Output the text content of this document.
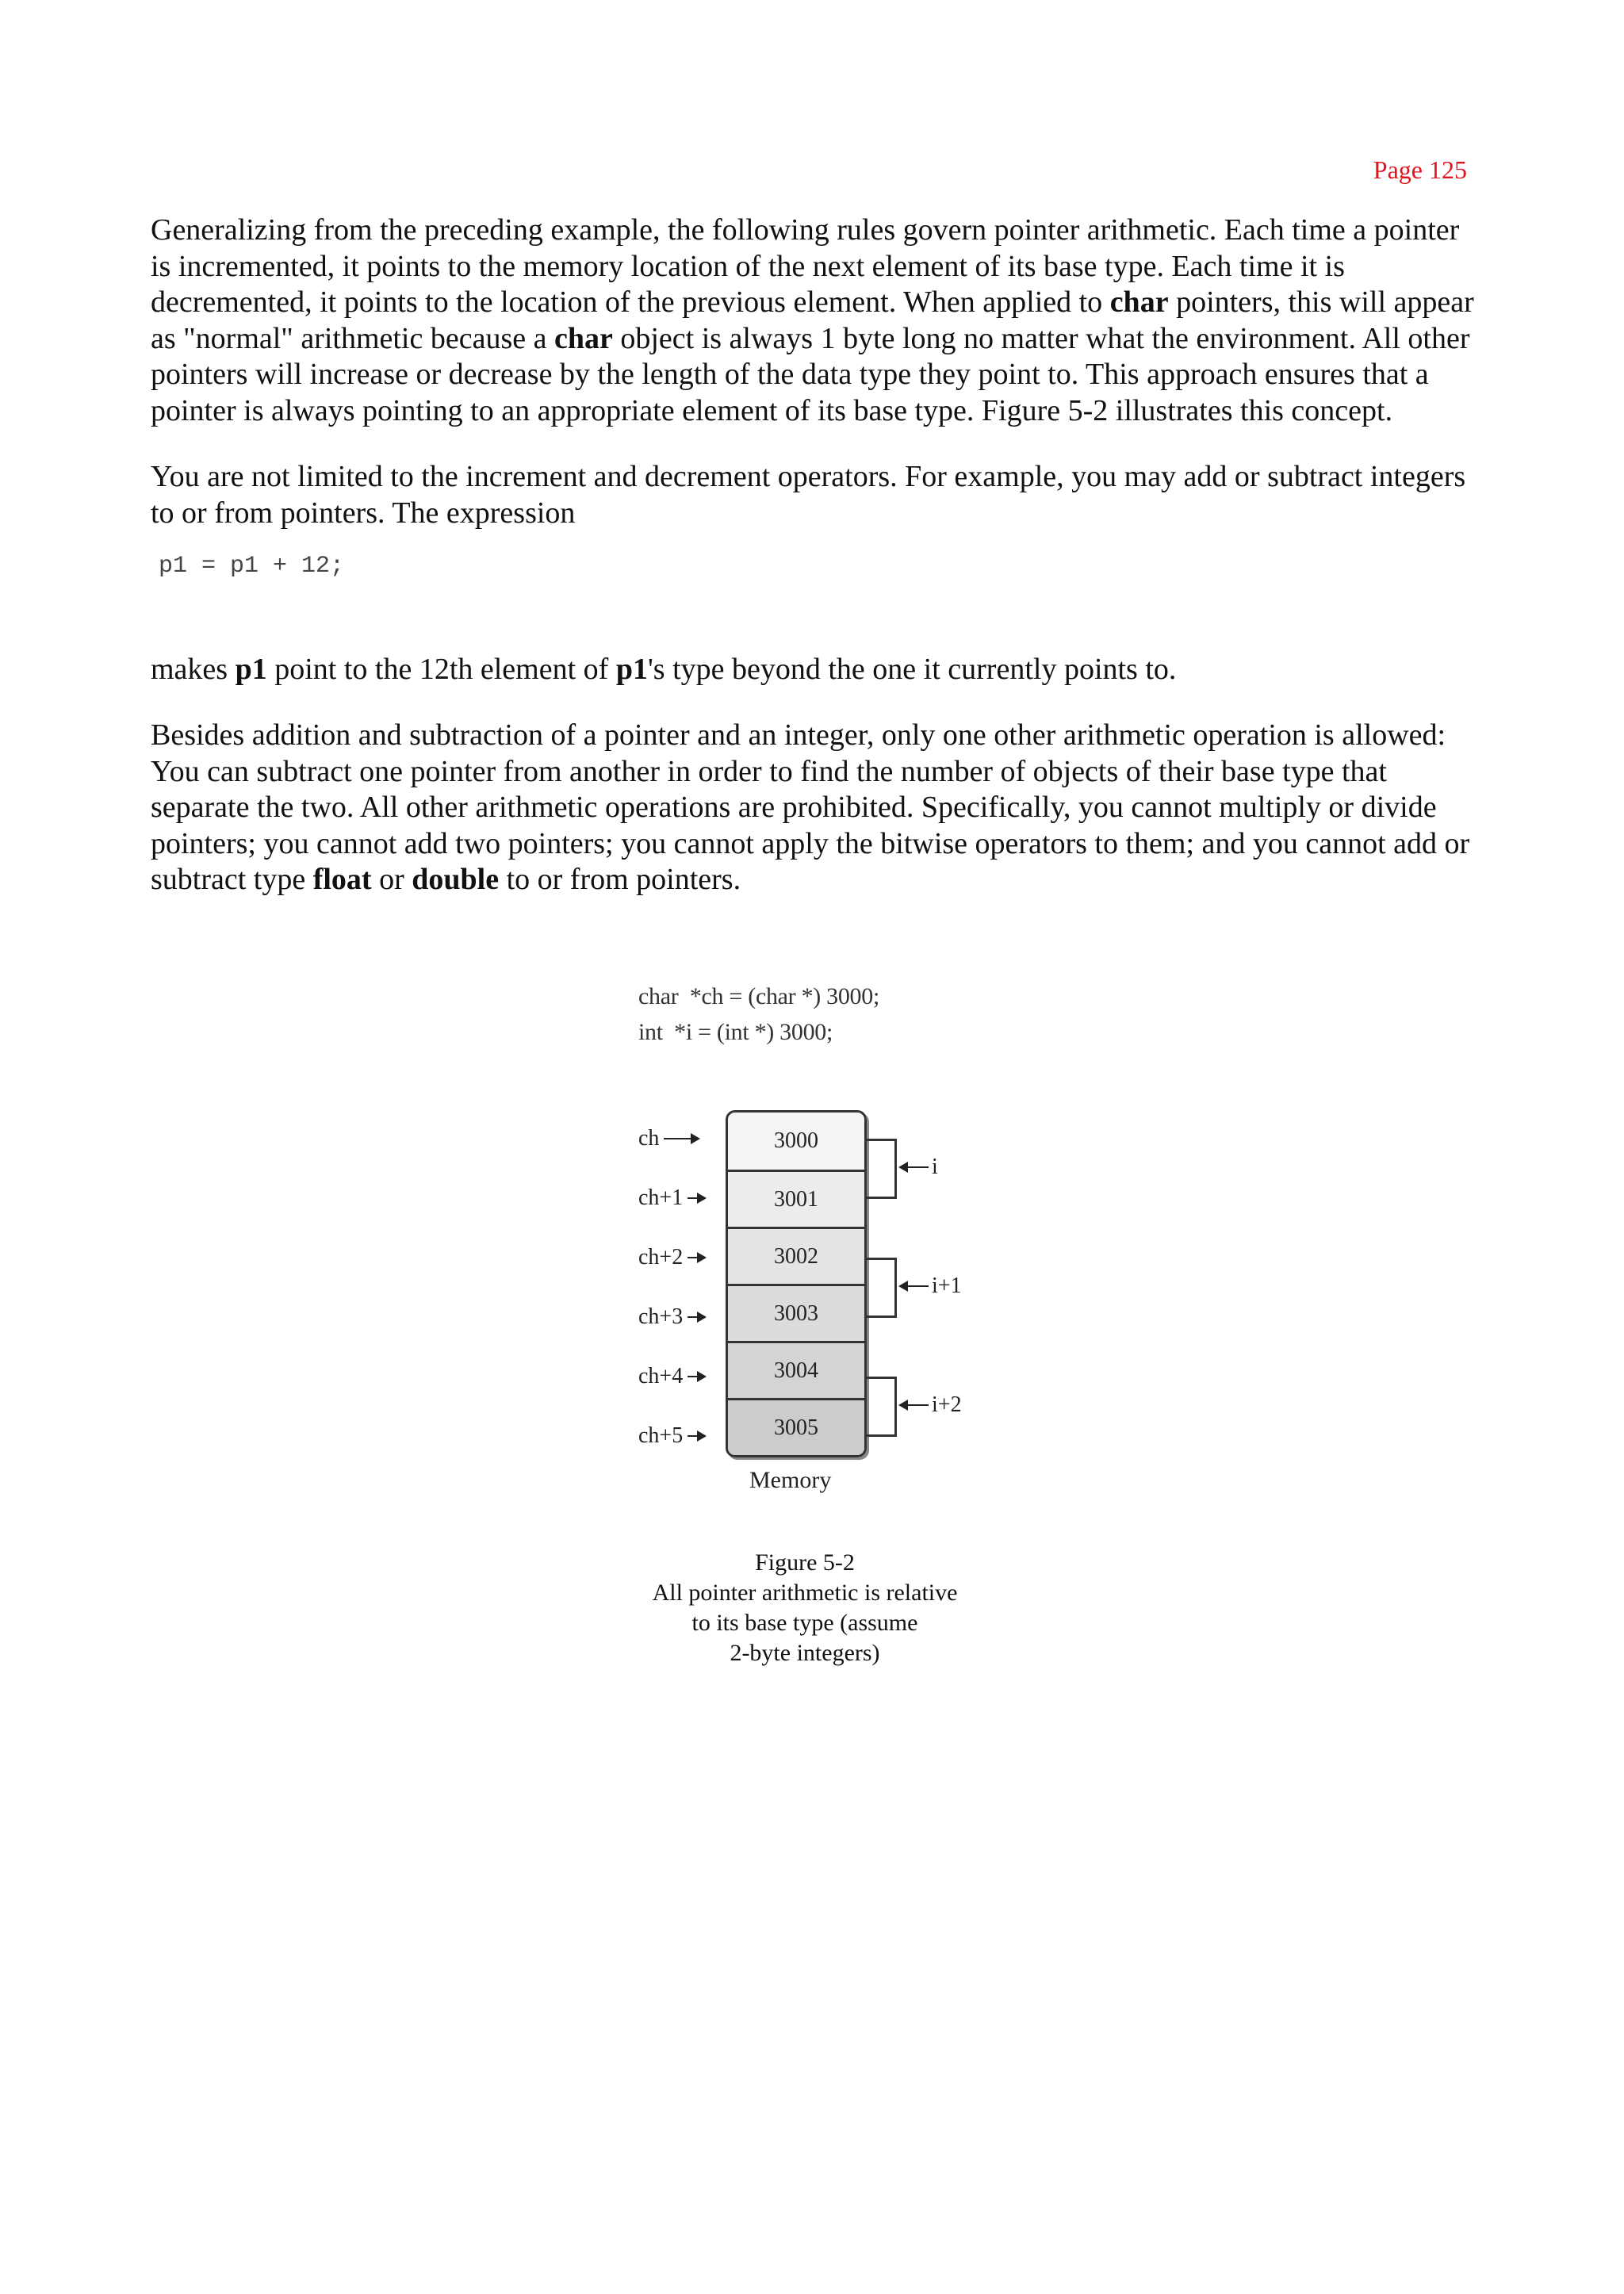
Page 125

Generalizing from the preceding example, the following rules govern pointer arithmetic. Each time a pointer is incremented, it points to the memory location of the next element of its base type. Each time it is decremented, it points to the location of the previous element. When applied to char pointers, this will appear as "normal" arithmetic because a char object is always 1 byte long no matter what the environment. All other pointers will increase or decrease by the length of the data type they point to. This approach ensures that a pointer is always pointing to an appropriate element of its base type. Figure 5-2 illustrates this concept.

You are not limited to the increment and decrement operators. For example, you may add or subtract integers to or from pointers. The expression

p1 = p1 + 12;

makes p1 point to the 12th element of p1's type beyond the one it currently points to.

Besides addition and subtraction of a pointer and an integer, only one other arithmetic operation is allowed: You can subtract one pointer from another in order to find the number of objects of their base type that separate the two. All other arithmetic operations are prohibited. Specifically, you cannot multiply or divide pointers; you cannot add two pointers; you cannot apply the bitwise operators to them; and you cannot add or subtract type float or double to or from pointers.

char  *ch = (char *) 3000;
int  *i = (int *) 3000;
ch
ch+1
ch+2
ch+3
ch+4
ch+5
3000
3001
3002
3003
3004
3005
i
i+1
i+2
Memory
Figure 5-2
All pointer arithmetic is relative
to its base type (assume
2-byte integers)
